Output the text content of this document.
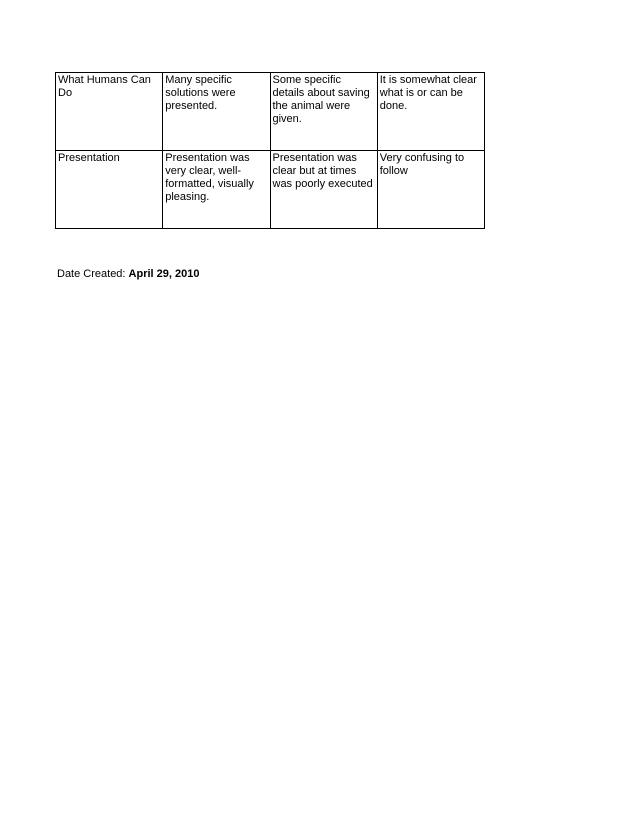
What Humans Can Do	Many specific solutions were presented.	Some specific details about saving the animal were given.	It is somewhat clear what is or can be done.
Presentation	Presentation was very clear, well-formatted, visually pleasing.	Presentation was clear but at times was poorly executed	Very confusing to follow
Date Created: April 29, 2010
